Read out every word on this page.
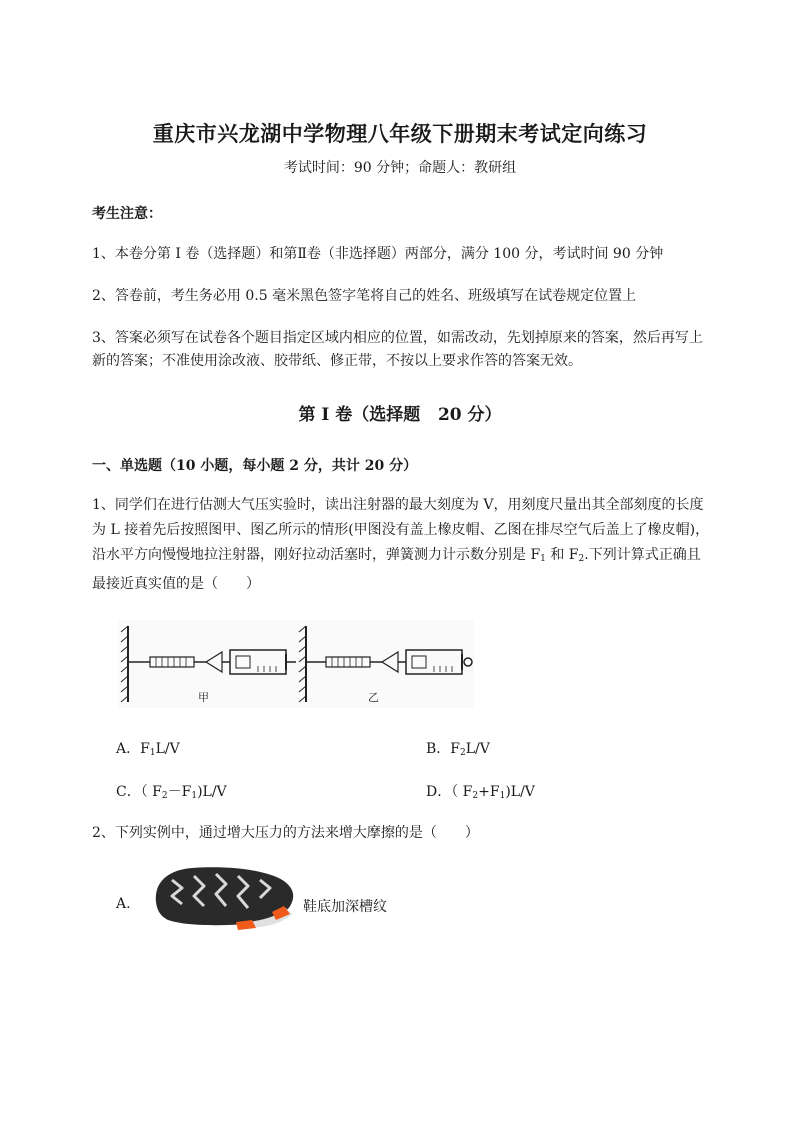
重庆市兴龙湖中学物理八年级下册期末考试定向练习
考试时间：90 分钟；命题人：教研组
考生注意：
1、本卷分第 I 卷（选择题）和第Ⅱ卷（非选择题）两部分，满分 100 分，考试时间 90 分钟
2、答卷前，考生务必用 0.5 毫米黑色签字笔将自己的姓名、班级填写在试卷规定位置上
3、答案必须写在试卷各个题目指定区域内相应的位置，如需改动，先划掉原来的答案，然后再写上新的答案；不准使用涂改液、胶带纸、修正带，不按以上要求作答的答案无效。
第 I 卷（选择题   20 分）
一、单选题（10 小题，每小题 2 分，共计 20 分）
1、同学们在进行估测大气压实验时，读出注射器的最大刻度为 V，用刻度尺量出其全部刻度的长度为 L 接着先后按照图甲、图乙所示的情形(甲图没有盖上橡皮帽、乙图在排尽空气后盖上了橡皮帽)，沿水平方向慢慢地拉注射器，刚好拉动活塞时，弹簧测力计示数分别是 $F_1$ 和 $F_2$.下列计算式正确且最接近真实值的是（　　）
甲	乙
A．$F_1L/V$	B．$F_2L/V$
C．（ $F_2-F_1)L/V$	D．（ $F_2+F_1)L/V$
2、下列实例中，通过增大压力的方法来增大摩擦的是（　　）
A.	鞋底加深槽纹
